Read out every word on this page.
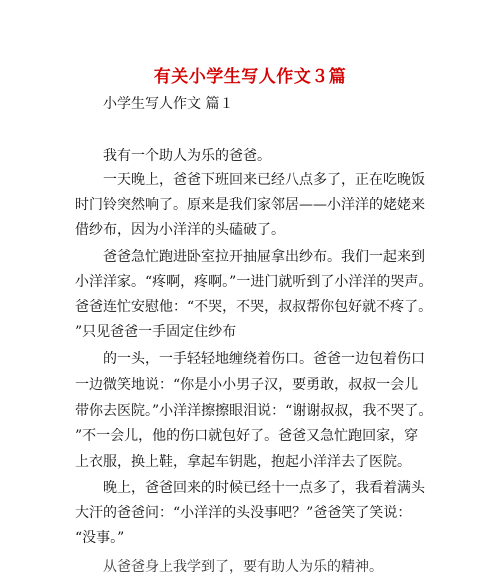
有关小学生写人作文３篇
小学生写人作文 篇１
我有一个助人为乐的爸爸。
一天晚上，爸爸下班回来已经八点多了，正在吃晚饭
时门铃突然响了。原来是我们家邻居——小洋洋的姥姥来
借纱布，因为小洋洋的头磕破了。
爸爸急忙跑进卧室拉开抽屉拿出纱布。我们一起来到
小洋洋家。“疼啊，疼啊。”一进门就听到了小洋洋的哭声。
爸爸连忙安慰他：“不哭，不哭，叔叔帮你包好就不疼了。
”只见爸爸一手固定住纱布
的一头，一手轻轻地缠绕着伤口。爸爸一边包着伤口
一边微笑地说：“你是小小男子汉，要勇敢，叔叔一会儿
带你去医院。”小洋洋擦擦眼泪说：“谢谢叔叔，我不哭了。
”不一会儿，他的伤口就包好了。爸爸又急忙跑回家，穿
上衣服，换上鞋，拿起车钥匙，抱起小洋洋去了医院。
晚上，爸爸回来的时候已经十一点多了，我看着满头
大汗的爸爸问：“小洋洋的头没事吧？”爸爸笑了笑说：
“没事。”
从爸爸身上我学到了，要有助人为乐的精神。
